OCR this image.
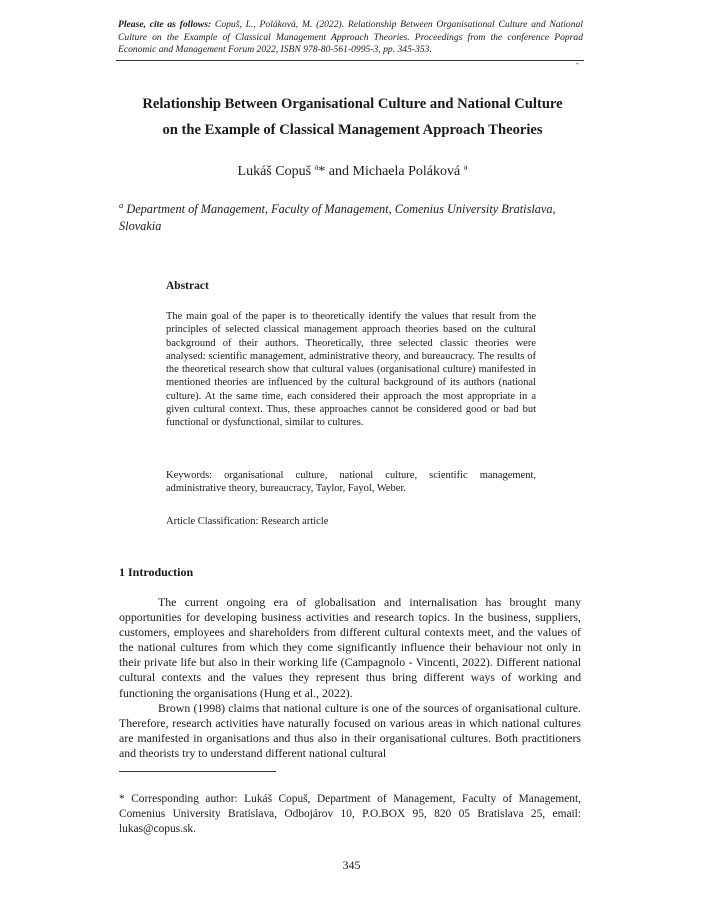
Please, cite as follows: Copuš, L., Poláková, M. (2022). Relationship Between Organisational Culture and National Culture on the Example of Classical Management Approach Theories. Proceedings from the conference Poprad Economic and Management Forum 2022, ISBN 978-80-561-0995-3, pp. 345-353.
-
Relationship Between Organisational Culture and National Culture
on the Example of Classical Management Approach Theories
Lukáš Copuš $^a$* and Michaela Poláková $^a$
$^a$ Department of Management, Faculty of Management, Comenius University Bratislava, Slovakia
Abstract
The main goal of the paper is to theoretically identify the values that result from the principles of selected classical management approach theories based on the cultural background of their authors. Theoretically, three selected classic theories were analysed: scientific management, administrative theory, and bureaucracy. The results of the theoretical research show that cultural values (organisational culture) manifested in mentioned theories are influenced by the cultural background of its authors (national culture). At the same time, each considered their approach the most appropriate in a given cultural context. Thus, these approaches cannot be considered good or bad but functional or dysfunctional, similar to cultures.
Keywords: organisational culture, national culture, scientific management, administrative theory, bureaucracy, Taylor, Fayol, Weber.
Article Classification: Research article
1 Introduction

The current ongoing era of globalisation and internalisation has brought many opportunities for developing business activities and research topics. In the business, suppliers, customers, employees and shareholders from different cultural contexts meet, and the values of the national cultures from which they come significantly influence their behaviour not only in their private life but also in their working life (Campagnolo - Vincenti, 2022). Different national cultural contexts and the values they represent thus bring different ways of working and functioning the organisations (Hung et al., 2022).

Brown (1998) claims that national culture is one of the sources of organisational culture. Therefore, research activities have naturally focused on various areas in which national cultures are manifested in organisations and thus also in their organisational cultures. Both practitioners and theorists try to understand different national cultural

* Corresponding author: Lukáš Copuš, Department of Management, Faculty of Management, Comenius University Bratislava, Odbojárov 10, P.O.BOX 95, 820 05 Bratislava 25, email: lukas@copus.sk.
345
